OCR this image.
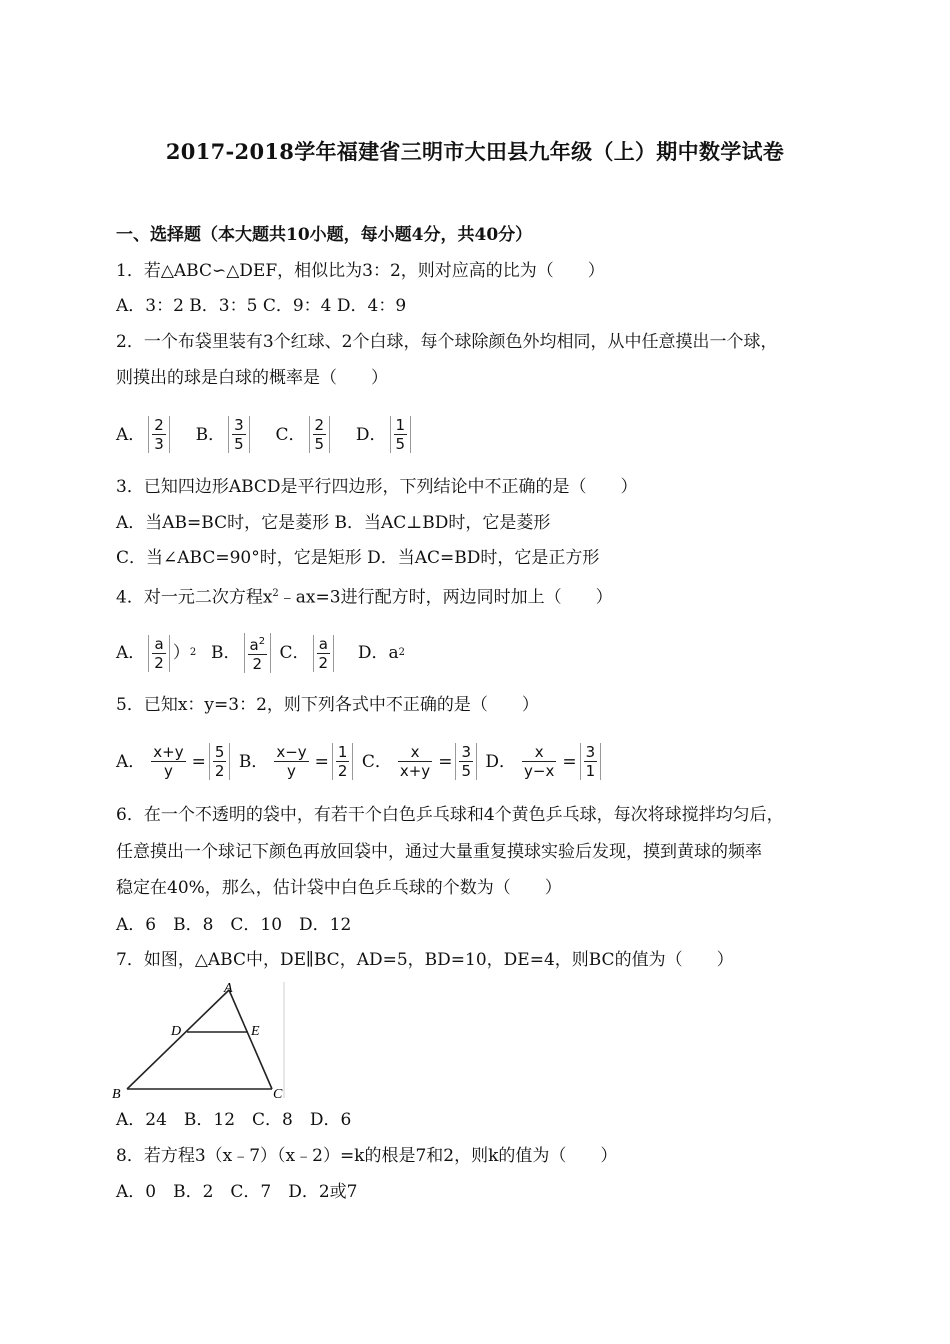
2017-2018学年福建省三明市大田县九年级（上）期中数学试卷
一、选择题（本大题共10小题，每小题4分，共40分）
1．若△ABC∽△DEF，相似比为3：2，则对应高的比为（　　）
A．3：2 B．3：5 C．9：4 D．4：9
2．一个布袋里装有3个红球、2个白球，每个球除颜色外均相同，从中任意摸出一个球，
则摸出的球是白球的概率是（　　）
A． $\frac{2}{3}$
B． $\frac{3}{5}$
C． $\frac{2}{5}$
D． $\frac{1}{5}$
3．已知四边形ABCD是平行四边形，下列结论中不正确的是（　　）
A．当AB=BC时，它是菱形 B．当AC⊥BD时，它是菱形
C．当∠ABC=90°时，它是矩形 D．当AC=BD时，它是正方形
4．对一元二次方程$x^2﹣ax=3$进行配方时，两边同时加上（　　）
A． $\frac{a}{2}$ ） 2
B． $\frac{a^2}{2}$
C． $\frac{a}{2}$
D．a 2
5．已知x：y=3：2，则下列各式中不正确的是（　　）
A． $\frac{x+y}{y} = \frac{5}{2}$
B． $\frac{x-y}{y} = \frac{1}{2}$
C． $\frac{x}{x+y} = \frac{3}{5}$
D． $\frac{x}{y-x} = \frac{3}{1}$
6．在一个不透明的袋中，有若干个白色乒乓球和4个黄色乒乓球，每次将球搅拌均匀后，
任意摸出一个球记下颜色再放回袋中，通过大量重复摸球实验后发现，摸到黄球的频率
稳定在40%，那么，估计袋中白色乒乓球的个数为（　　）
A．6　B．8　C．10　D．12
7．如图，△ABC中，DE∥BC，AD=5，BD=10，DE=4，则BC的值为（　　）
A
B	C
D	E
A．24　B．12　C．8　D．6
8．若方程3（x﹣7）（x﹣2）=k的根是7和2，则k的值为（　　）
A．0　B．2　C．7　D．2或7
